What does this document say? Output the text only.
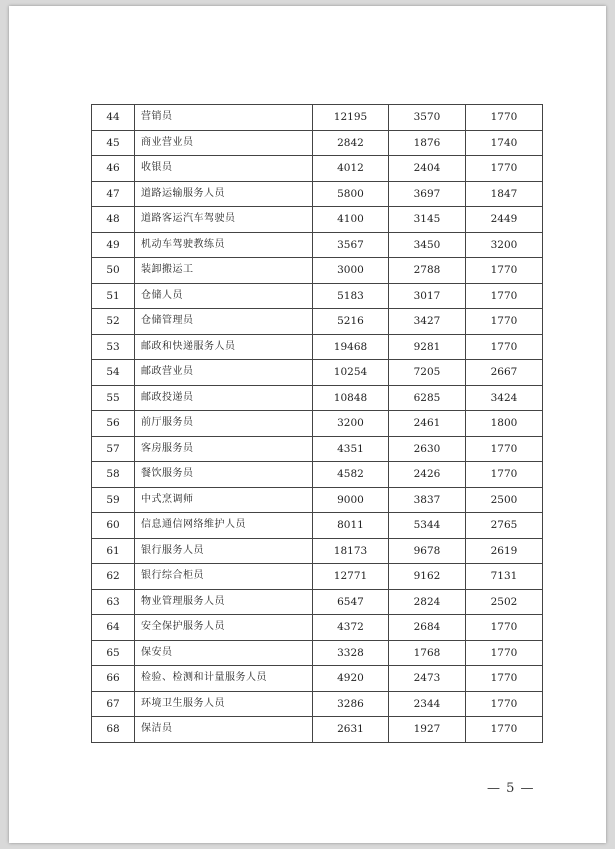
44	营销员	12195	3570	1770
45	商业营业员	2842	1876	1740
46	收银员	4012	2404	1770
47	道路运输服务人员	5800	3697	1847
48	道路客运汽车驾驶员	4100	3145	2449
49	机动车驾驶教练员	3567	3450	3200
50	装卸搬运工	3000	2788	1770
51	仓储人员	5183	3017	1770
52	仓储管理员	5216	3427	1770
53	邮政和快递服务人员	19468	9281	1770
54	邮政营业员	10254	7205	2667
55	邮政投递员	10848	6285	3424
56	前厅服务员	3200	2461	1800
57	客房服务员	4351	2630	1770
58	餐饮服务员	4582	2426	1770
59	中式烹调师	9000	3837	2500
60	信息通信网络维护人员	8011	5344	2765
61	银行服务人员	18173	9678	2619
62	银行综合柜员	12771	9162	7131
63	物业管理服务人员	6547	2824	2502
64	安全保护服务人员	4372	2684	1770
65	保安员	3328	1768	1770
66	检验、检测和计量服务人员	4920	2473	1770
67	环境卫生服务人员	3286	2344	1770
68	保洁员	2631	1927	1770
— 5 —
